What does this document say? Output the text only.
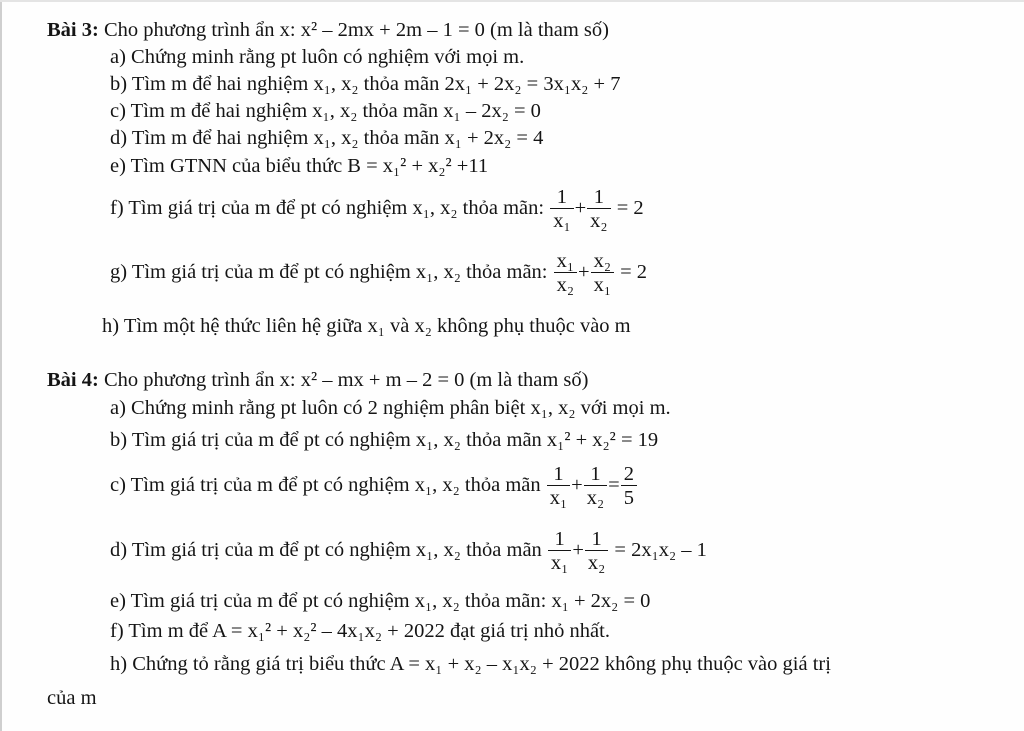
Bài 3: Cho phương trình ẩn x: x² – 2mx + 2m – 1 = 0 (m là tham số)
a) Chứng minh rằng pt luôn có nghiệm với mọi m.
b) Tìm m để hai nghiệm x₁, x₂ thỏa mãn 2x₁ + 2x₂ = 3x₁x₂ + 7
c) Tìm m để hai nghiệm x₁, x₂ thỏa mãn x₁ – 2x₂ = 0
d) Tìm m để hai nghiệm x₁, x₂ thỏa mãn x₁ + 2x₂ = 4
e) Tìm GTNN của biểu thức B = x₁² + x₂² +11
f) Tìm giá trị của m để pt có nghiệm x₁, x₂ thỏa mãn: $\frac{1}{\text{x₁}} + \frac{1}{\text{x₂}} = 2$
g) Tìm giá trị của m để pt có nghiệm x₁, x₂ thỏa mãn: $\frac{\text{x₁}}{\text{x₂}} + \frac{\text{x₂}}{\text{x₁}} = 2$
h) Tìm một hệ thức liên hệ giữa x₁ và x₂ không phụ thuộc vào m
Bài 4: Cho phương trình ẩn x: x² – mx + m – 2 = 0 (m là tham số)
a) Chứng minh rằng pt luôn có 2 nghiệm phân biệt x₁, x₂ với mọi m.
b) Tìm giá trị của m để pt có nghiệm x₁, x₂ thỏa mãn x₁² + x₂² = 19
c) Tìm giá trị của m để pt có nghiệm x₁, x₂ thỏa mãn $\frac{1}{\text{x₁}} + \frac{1}{\text{x₂}} = \frac{2}{5}$
d) Tìm giá trị của m để pt có nghiệm x₁, x₂ thỏa mãn $\frac{1}{\text{x₁}} + \frac{1}{\text{x₂}} = 2x_1x_2 - 1$
e) Tìm giá trị của m để pt có nghiệm x₁, x₂ thỏa mãn: x₁ + 2x₂ = 0
f) Tìm m để A = x₁² + x₂² – 4x₁x₂ + 2022 đạt giá trị nhỏ nhất.
h) Chứng tỏ rằng giá trị biểu thức A = x₁ + x₂ – x₁x₂ + 2022 không phụ thuộc vào giá trị
của m
